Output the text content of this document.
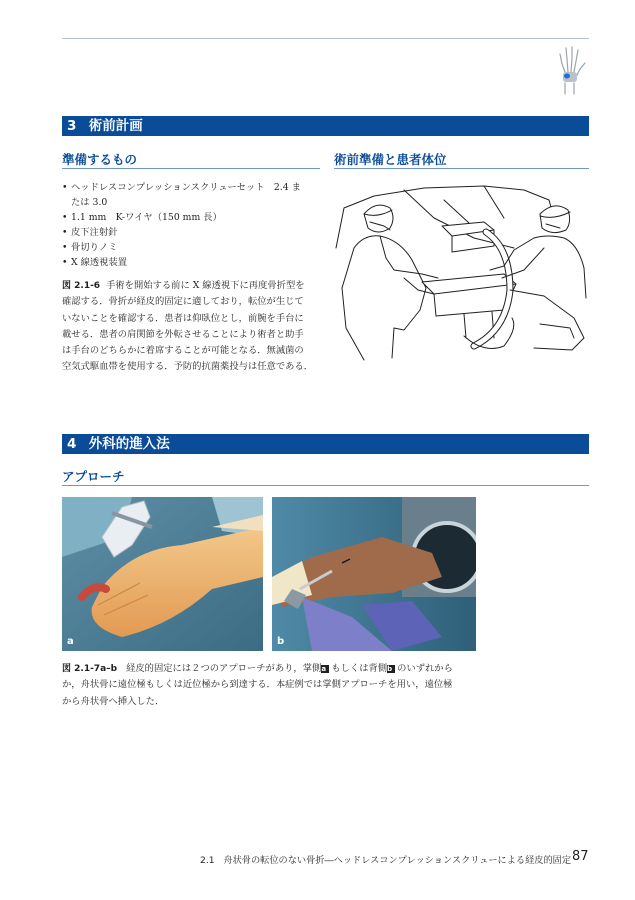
3 術前計画
準備するもの
• ヘッドレスコンプレッションスクリューセット　2.4 ま
たは 3.0
• 1.1 mm　K-ワイヤ（150 mm 長）
• 皮下注射針
• 骨切りノミ
• X 線透視装置
図 2.1-6 手術を開始する前に X 線透視下に再度骨折型を
確認する．骨折が経皮的固定に適しており，転位が生じて
いないことを確認する．患者は仰臥位とし，前腕を手台に
載せる．患者の肩関節を外転させることにより術者と助手
は手台のどちらかに着席することが可能となる．無滅菌の
空気式駆血帯を使用する．予防的抗菌薬投与は任意である．
術前準備と患者体位
4 外科的進入法
アプローチ
a	b
図 2.1-7a–b 経皮的固定には２つのアプローチがあり，掌側a もしくは背側b のいずれから
か，舟状骨に遠位極もしくは近位極から到達する．本症例では掌側アプローチを用い，遠位極
から舟状骨へ挿入した．
2.1 舟状骨の転位のない骨折―ヘッドレスコンプレッションスクリューによる経皮的固定 87
